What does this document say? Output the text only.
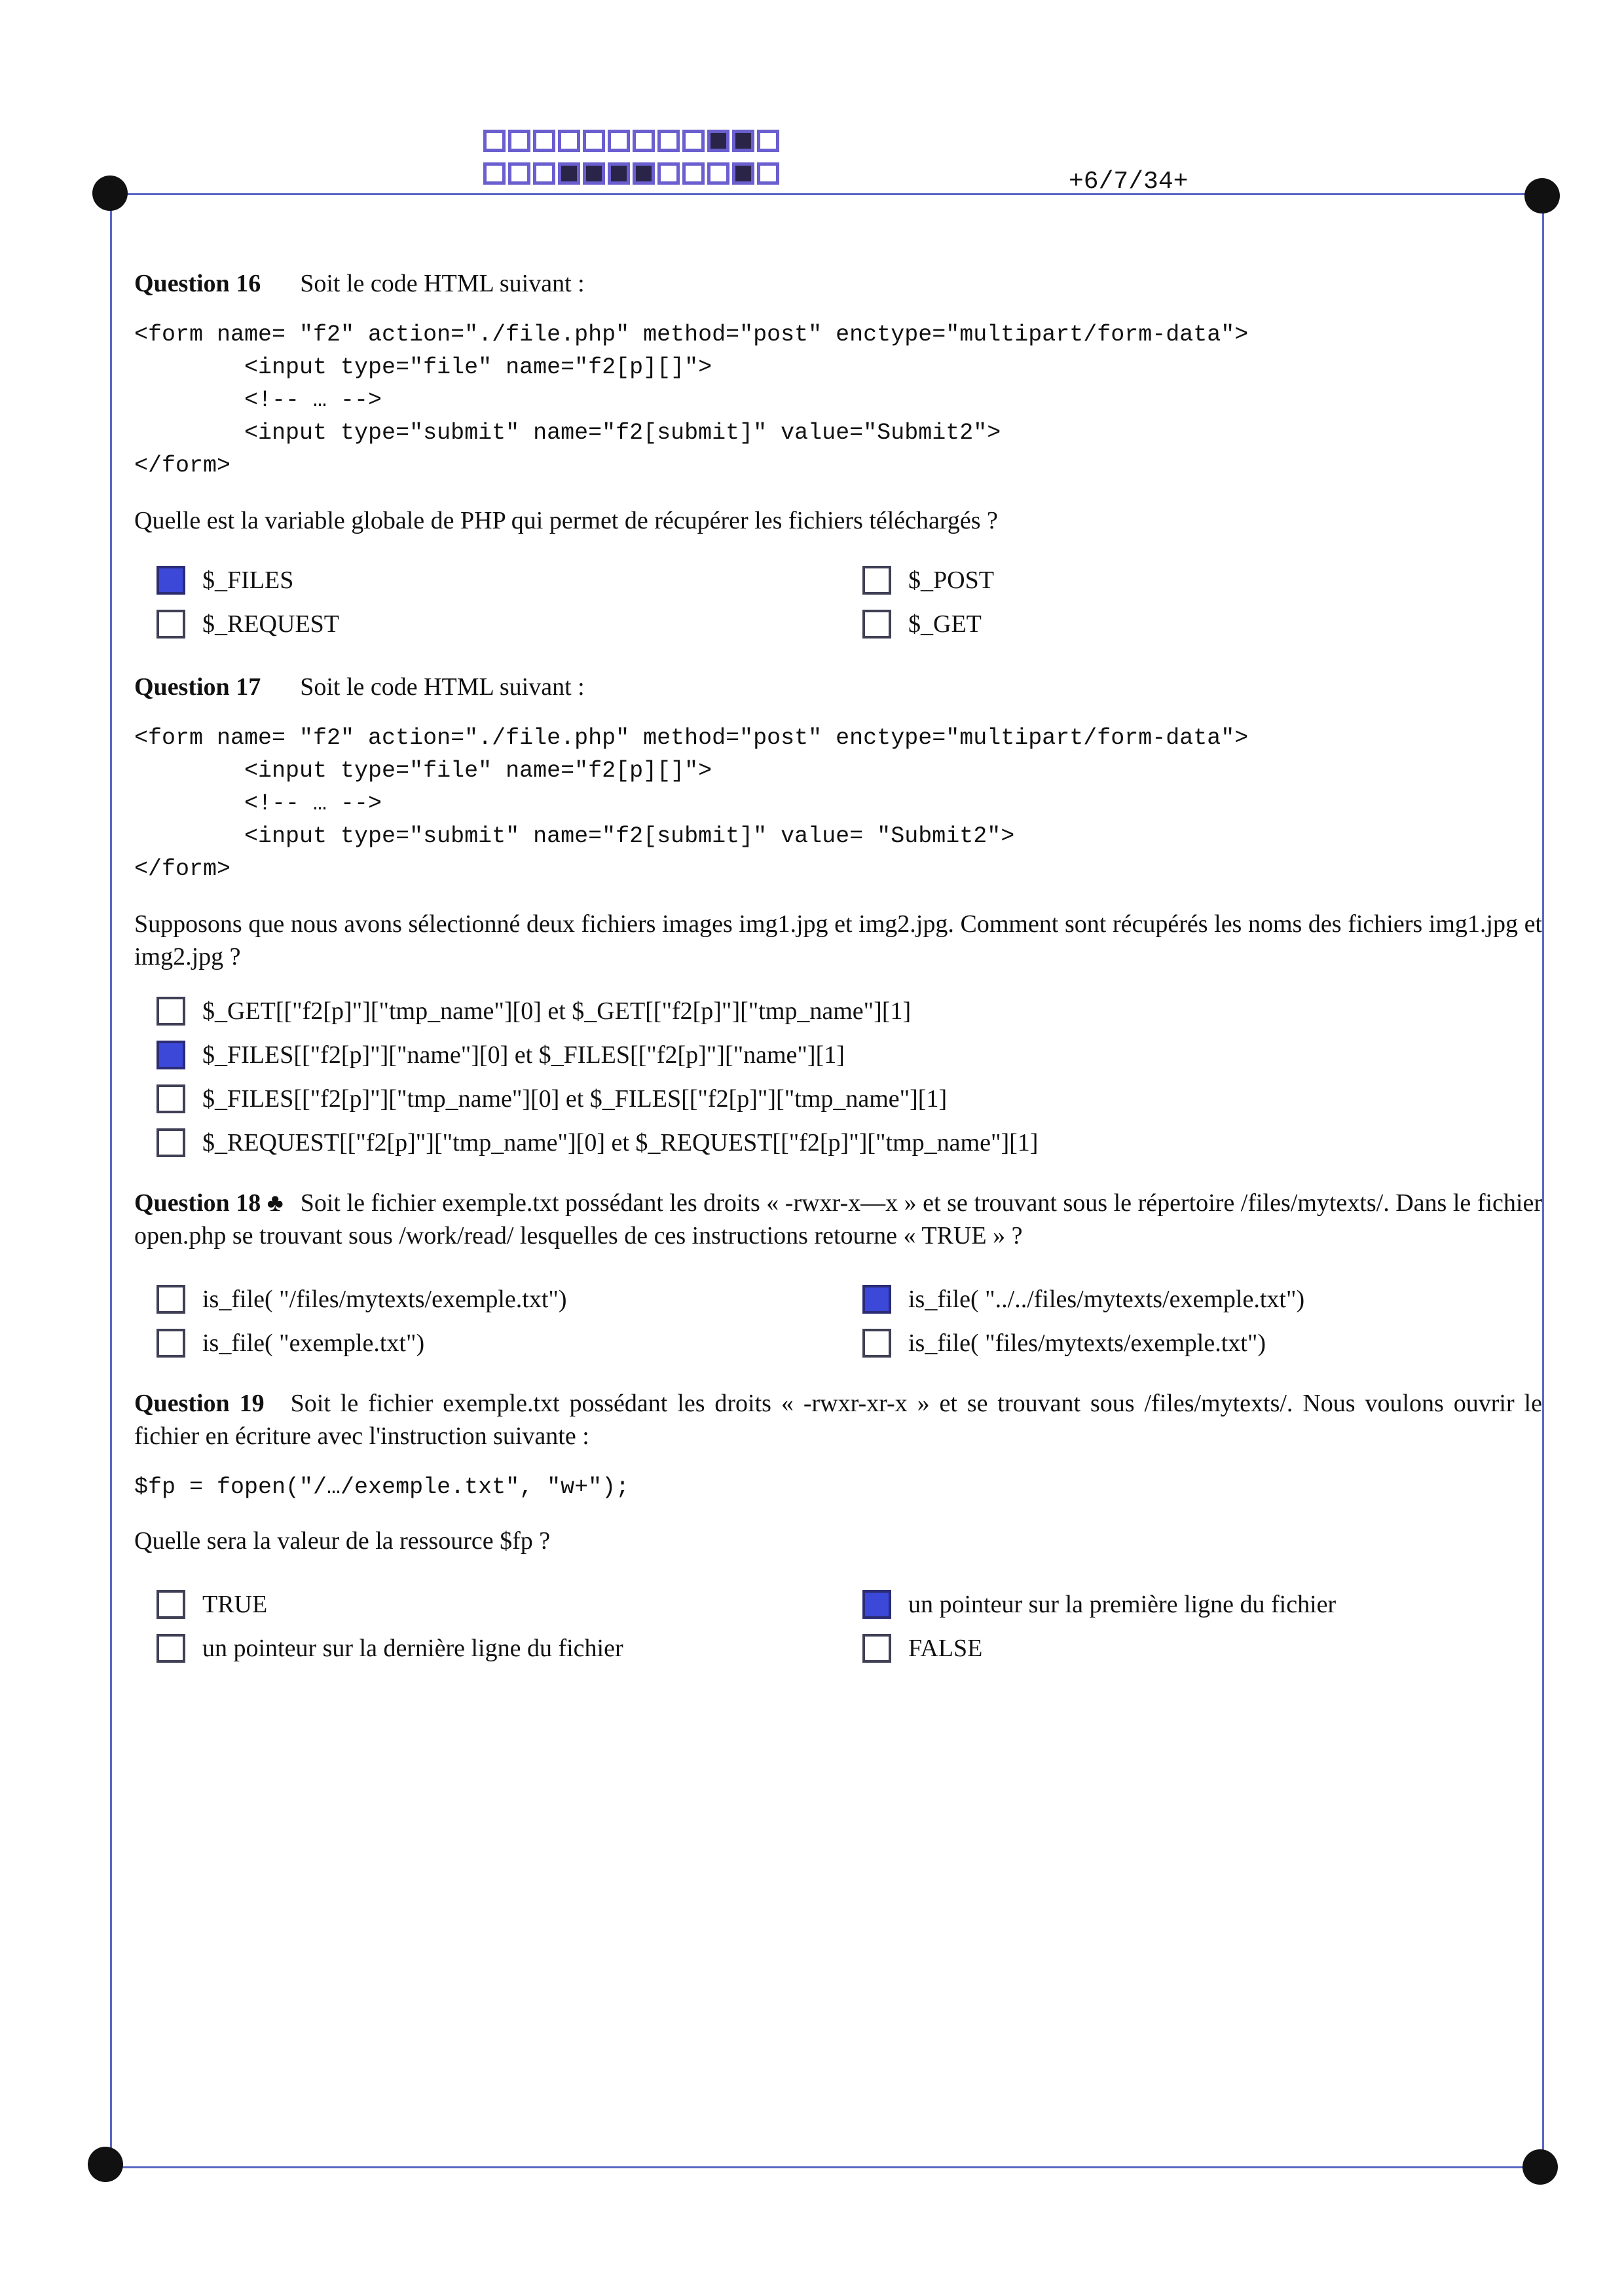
+6/7/34+
Question 16 Soit le code HTML suivant :
<form name= "f2" action="./file.php" method="post" enctype="multipart/form-data">
<input type="file" name="f2[p][]">
<!-- … -->
<input type="submit" name="f2[submit]" value="Submit2">
</form>
Quelle est la variable globale de PHP qui permet de récupérer les fichiers téléchargés ?
$_FILES
$_REQUEST
$_POST
$_GET
Question 17 Soit le code HTML suivant :
<form name= "f2" action="./file.php" method="post" enctype="multipart/form-data">
<input type="file" name="f2[p][]">
<!-- … -->
<input type="submit" name="f2[submit]" value= "Submit2">
</form>
Supposons que nous avons sélectionné deux fichiers images img1.jpg et img2.jpg. Comment sont récupérés les noms des fichiers img1.jpg et img2.jpg ?
$_GET[["f2[p]"]["tmp_name"][0] et $_GET[["f2[p]"]["tmp_name"][1]
$_FILES[["f2[p]"]["name"][0] et $_FILES[["f2[p]"]["name"][1]
$_FILES[["f2[p]"]["tmp_name"][0] et $_FILES[["f2[p]"]["tmp_name"][1]
$_REQUEST[["f2[p]"]["tmp_name"][0] et $_REQUEST[["f2[p]"]["tmp_name"][1]
Question 18 ♣ Soit le fichier exemple.txt possédant les droits « -rwxr-x—x » et se trouvant sous le répertoire /files/mytexts/. Dans le fichier open.php se trouvant sous /work/read/ lesquelles de ces instructions retourne « TRUE » ?
is_file( "/files/mytexts/exemple.txt")
is_file( "exemple.txt")
is_file( "../../files/mytexts/exemple.txt")
is_file( "files/mytexts/exemple.txt")
Question 19 Soit le fichier exemple.txt possédant les droits « -rwxr-xr-x » et se trouvant sous /files/mytexts/. Nous voulons ouvrir le fichier en écriture avec l'instruction suivante :
$fp = fopen("/…/exemple.txt", "w+");
Quelle sera la valeur de la ressource $fp ?
TRUE
un pointeur sur la dernière ligne du fichier
un pointeur sur la première ligne du fichier
FALSE
